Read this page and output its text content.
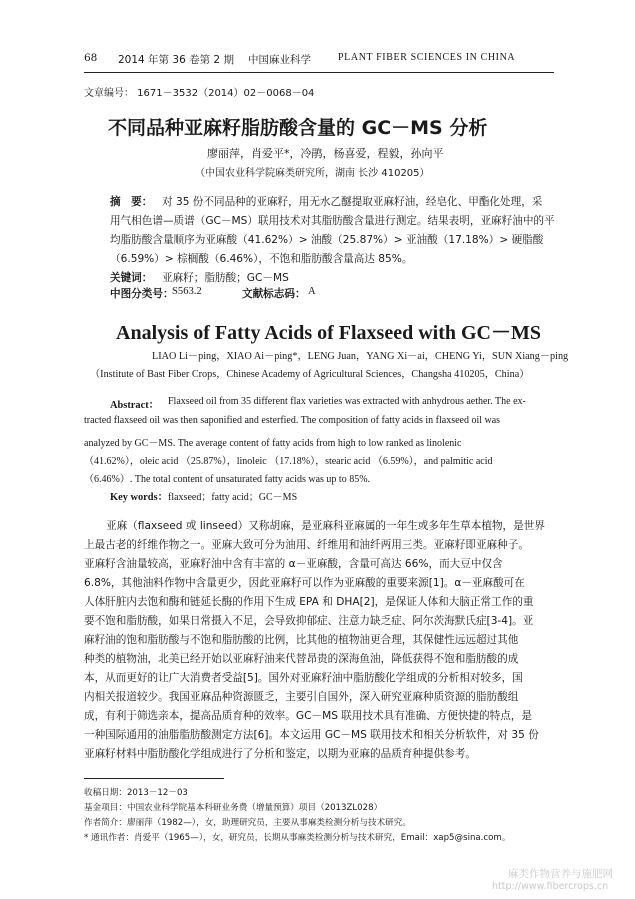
68 2014 年第 36 卷第 2 期 中国麻业科学	PLANT FIBER SCIENCES IN CHINA
文章编号： 1671－3532（2014）02－0068－04
不同品种亚麻籽脂肪酸含量的 GC－MS 分析
廖丽萍，肖爱平*，冷鹃，杨喜爱，程毅，孙向平
（中国农业科学院麻类研究所，湖南 长沙 410205）
摘　要： 对 35 份不同品种的亚麻籽，用无水乙醚提取亚麻籽油，经皂化、甲酯化处理，采
用气相色谱—质谱（GC－MS）联用技术对其脂肪酸含量进行测定。结果表明，亚麻籽油中的平
均脂肪酸含量顺序为亚麻酸（41.62%）> 油酸（25.87%）> 亚油酸（17.18%）> 硬脂酸
（6.59%）> 棕榈酸（6.46%），不饱和脂肪酸含量高达 85%。
关键词： 亚麻籽；脂肪酸；GC－MS
中图分类号：
S563.2	文献标志码： A
Analysis of Fatty Acids of Flaxseed with GC－MS
LIAO Li－ping，XIAO Ai－ping*，LENG Juan，YANG Xi－ai，CHENG Yi，SUN Xiang－ping
（Institute of Bast Fiber Crops，Chinese Academy of Agricultural Sciences，Changsha 410205，China）
Abstract： Flaxseed oil from 35 different flax varieties was extracted with anhydrous aether. The ex-
tracted flaxseed oil was then saponified and esterfied. The composition of fatty acids in flaxseed oil was
analyzed by GC－MS. The average content of fatty acids from high to low ranked as linolenic
（41.62%），oleic acid （25.87%），linoleic （17.18%），stearic acid （6.59%），and palmitic acid
（6.46%）. The total content of unsaturated fatty acids was up to 85%.
Key words： flaxseed；fatty acid；GC－MS
亚麻（flaxseed 或 linseed）又称胡麻，是亚麻科亚麻属的一年生或多年生草本植物，是世界
上最古老的纤维作物之一。亚麻大致可分为油用、纤维用和油纤两用三类。亚麻籽即亚麻种子。
亚麻籽含油量较高，亚麻籽油中含有丰富的 α－亚麻酸，含量可高达 66%，而大豆中仅含
6.8%，其他油料作物中含量更少，因此亚麻籽可以作为亚麻酸的重要来源[1]。α－亚麻酸可在
人体肝脏内去饱和酶和链延长酶的作用下生成 EPA 和 DHA[2]，是保证人体和大脑正常工作的重
要不饱和脂肪酸，如果日常摄入不足，会导致抑郁症、注意力缺乏症、阿尔茨海默氏症[3-4]。亚
麻籽油的饱和脂肪酸与不饱和脂肪酸的比例，比其他的植物油更合理，其保健性远远超过其他
种类的植物油，北美已经开始以亚麻籽油来代替昂贵的深海鱼油，降低获得不饱和脂肪酸的成
本，从而更好的让广大消费者受益[5]。国外对亚麻籽油中脂肪酸化学组成的分析相对较多，国
内相关报道较少。我国亚麻品种资源匮乏，主要引自国外，深入研究亚麻种质资源的脂肪酸组
成，有利于筛选亲本，提高品质育种的效率。GC－MS 联用技术具有准确、方便快捷的特点，是
一种国际通用的油脂脂肪酸测定方法[6]。本文运用 GC－MS 联用技术和相关分析软件，对 35 份
亚麻籽材料中脂肪酸化学组成进行了分析和鉴定，以期为亚麻的品质育种提供参考。
收稿日期：2013－12－03
基金项目：中国农业科学院基本科研业务费（增量预算）项目（2013ZL028）
作者简介：廖丽萍（1982—），女，助理研究员，主要从事麻类检测分析与技术研究。
* 通讯作者：肖爱平（1965—），女，研究员，长期从事麻类检测分析与技术研究，Email：xap5@sina.com。
麻类作物营养与施肥网
http://www.fibercrops.cn
